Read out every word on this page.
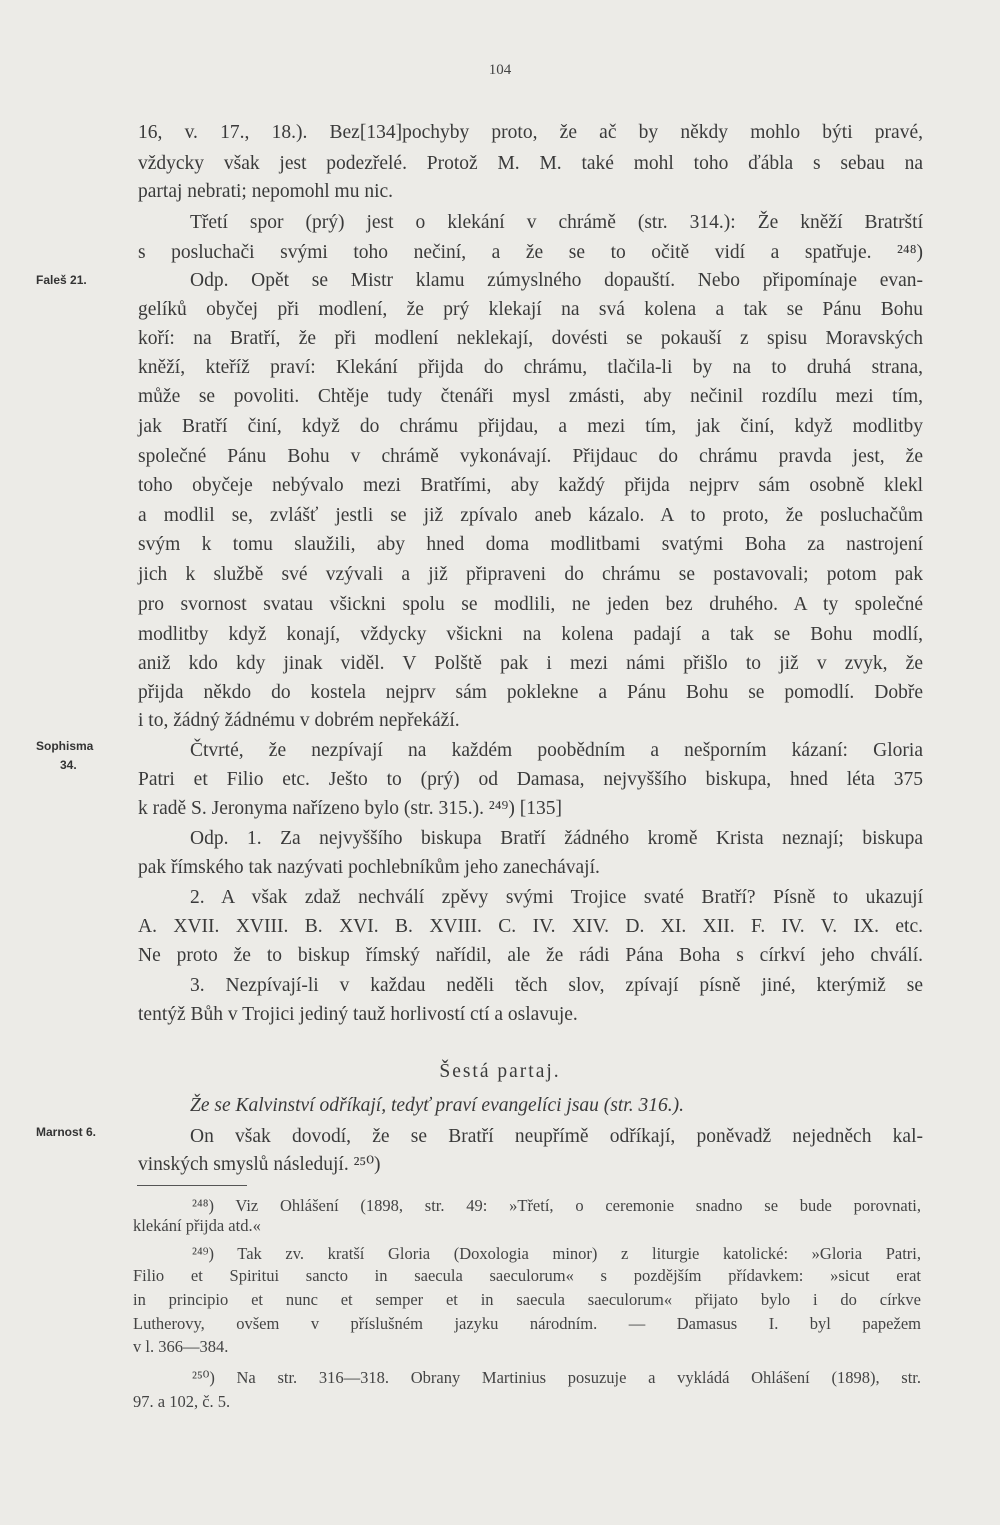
104
Faleš 21.
Sophisma
34.
Marnost 6.
16, v. 17., 18.). Bez[134]pochyby proto, že ač by někdy mohlo býti pravé,
vždycky však jest podezřelé. Protož M. M. také mohl toho ďábla s sebau na
partaj nebrati; nepomohl mu nic.
Třetí spor (prý) jest o klekání v chrámě (str. 314.): Že kněží Bratrští
s posluchači svými toho nečiní, a že se to očitě vidí a spatřuje. ²⁴⁸)
Odp. Opět se Mistr klamu zúmyslného dopauští. Nebo připomínaje evan-
gelíků obyčej při modlení, že prý klekají na svá kolena a tak se Pánu Bohu
koří: na Bratří, že při modlení neklekají, dovésti se pokauší z spisu Moravských
kněží, kteříž praví: Klekání přijda do chrámu, tlačila-li by na to druhá strana,
může se povoliti. Chtěje tudy čtenáři mysl zmásti, aby nečinil rozdílu mezi tím,
jak Bratří činí, když do chrámu přijdau, a mezi tím, jak činí, když modlitby
společné Pánu Bohu v chrámě vykonávají. Přijdauc do chrámu pravda jest, že
toho obyčeje nebývalo mezi Bratřími, aby každý přijda nejprv sám osobně klekl
a modlil se, zvlášť jestli se již zpívalo aneb kázalo. A to proto, že posluchačům
svým k tomu slaužili, aby hned doma modlitbami svatými Boha za nastrojení
jich k službě své vzývali a již připraveni do chrámu se postavovali; potom pak
pro svornost svatau všickni spolu se modlili, ne jeden bez druhého. A ty společné
modlitby když konají, vždycky všickni na kolena padají a tak se Bohu modlí,
aniž kdo kdy jinak viděl. V Polště pak i mezi námi přišlo to již v zvyk, že
přijda někdo do kostela nejprv sám poklekne a Pánu Bohu se pomodlí. Dobře
i to, žádný žádnému v dobrém nepřekáží.
Čtvrté, že nezpívají na každém poobědním a nešporním kázaní: Gloria
Patri et Filio etc. Ješto to (prý) od Damasa, nejvyššího biskupa, hned léta 375
k radě S. Jeronyma nařízeno bylo (str. 315.). ²⁴⁹) [135]
Odp. 1. Za nejvyššího biskupa Bratří žádného kromě Krista neznají; biskupa
pak římského tak nazývati pochlebníkům jeho zanechávají.
2. A však zdaž nechválí zpěvy svými Trojice svaté Bratří? Písně to ukazují
A. XVII. XVIII. B. XVI. B. XVIII. C. IV. XIV. D. XI. XII. F. IV. V. IX. etc.
Ne proto že to biskup římský nařídil, ale že rádi Pána Boha s církví jeho chválí.
3. Nezpívají-li v každau neděli těch slov, zpívají písně jiné, kterýmiž se
tentýž Bůh v Trojici jediný tauž horlivostí ctí a oslavuje.
Šestá partaj.
Že se Kalvinství odříkají, tedyť praví evangelíci jsau (str. 316.).
On však dovodí, že se Bratří neupřímě odříkají, poněvadž nejedněch kal-
vinských smyslů následují. ²⁵⁰)
²⁴⁸) Viz Ohlášení (1898, str. 49: »Třetí, o ceremonie snadno se bude porovnati,
klekání přijda atd.«
²⁴⁹) Tak zv. kratší Gloria (Doxologia minor) z liturgie katolické: »Gloria Patri,
Filio et Spiritui sancto in saecula saeculorum« s pozdějším přídavkem: »sicut erat
in principio et nunc et semper et in saecula saeculorum« přijato bylo i do církve
Lutherovy, ovšem v příslušném jazyku národním. — Damasus I. byl papežem
v l. 366—384.
²⁵⁰) Na str. 316—318. Obrany Martinius posuzuje a vykládá Ohlášení (1898), str.
97. a 102, č. 5.
